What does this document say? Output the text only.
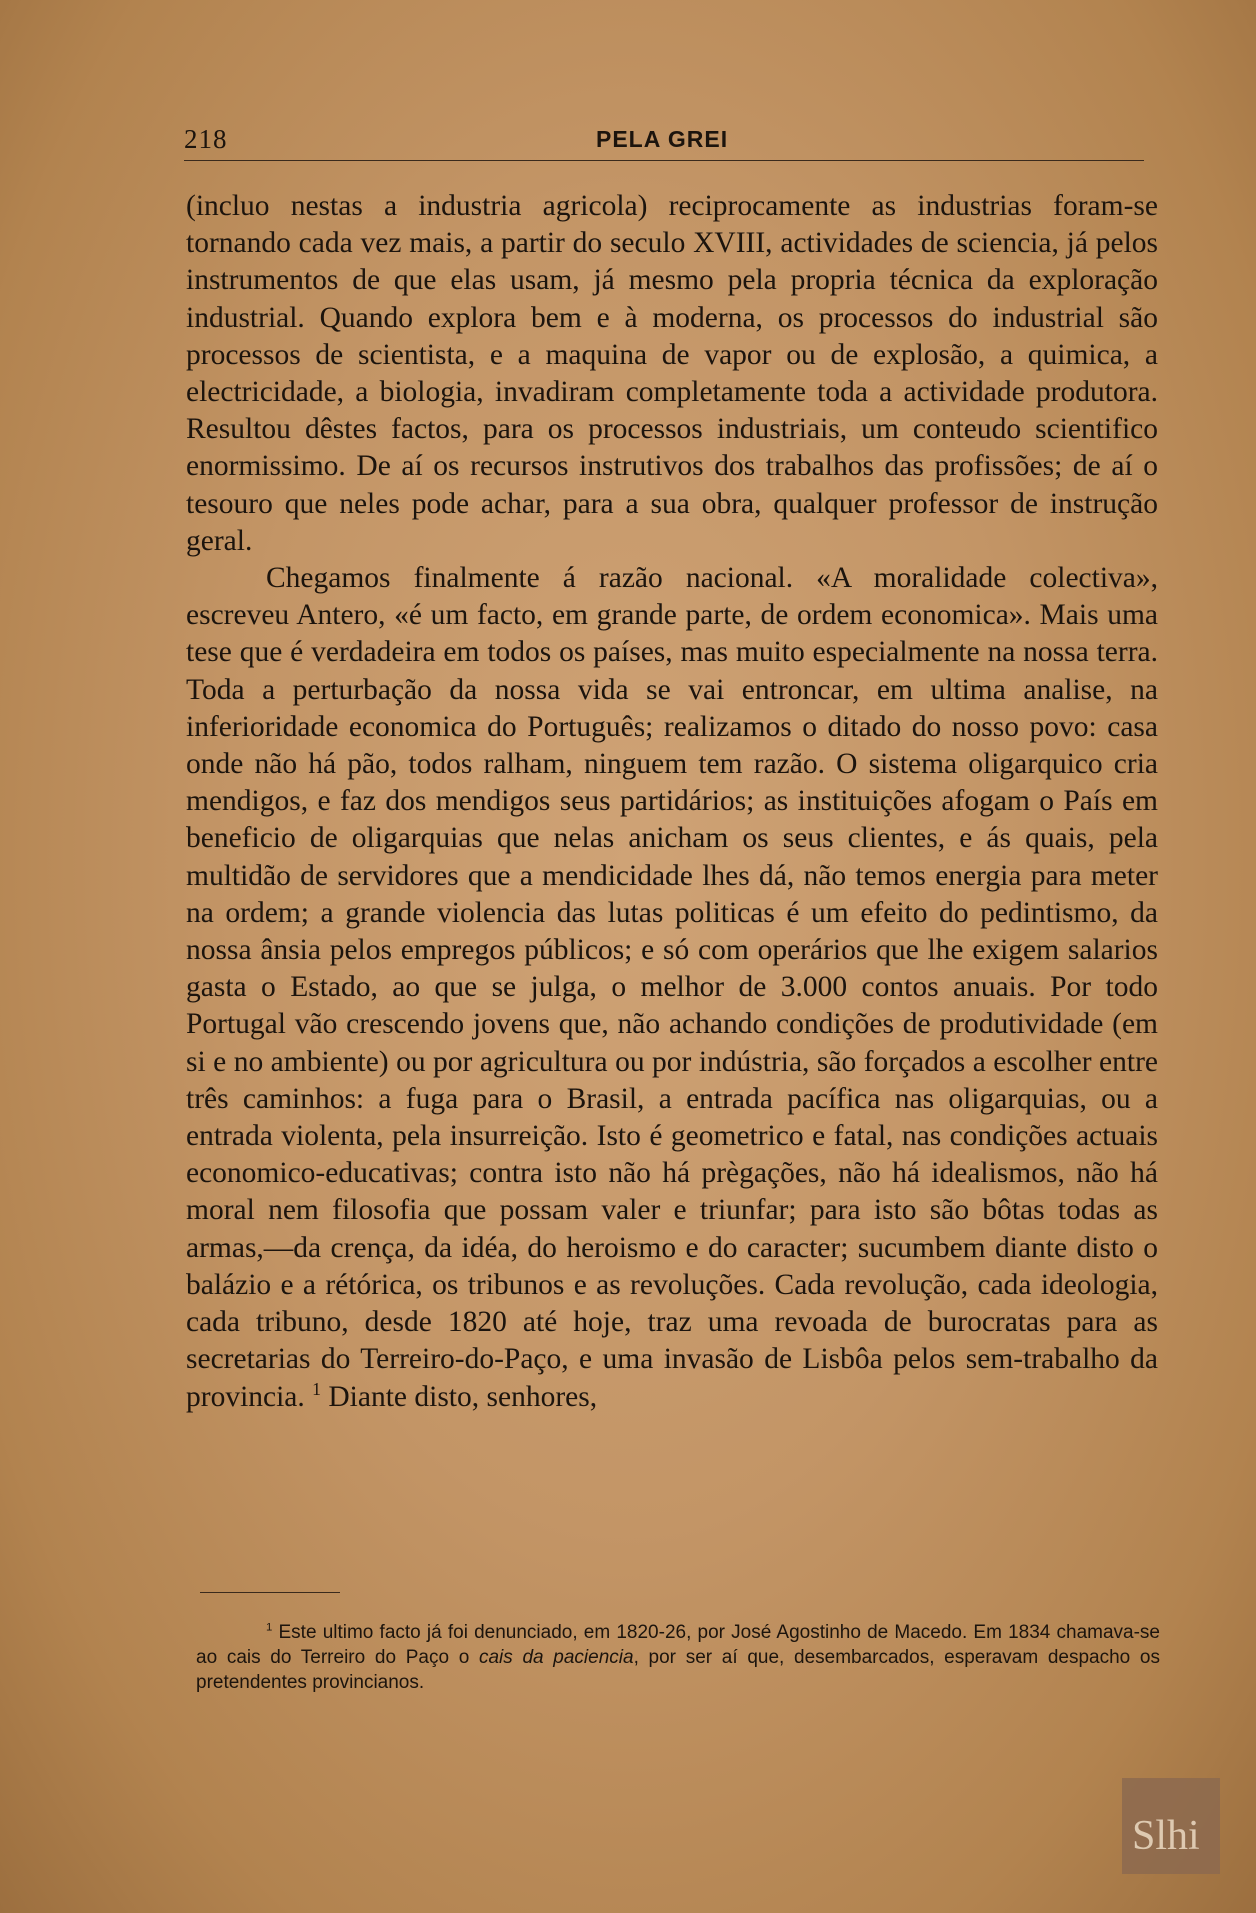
218	PELA GREI

(incluo nestas a industria agricola) reciprocamente as industrias foram-se tornando cada vez mais, a partir do seculo XVIII, actividades de sciencia, já pelos instrumentos de que elas usam, já mesmo pela propria técnica da exploração industrial. Quando explora bem e à moderna, os processos do industrial são processos de scientista, e a maquina de vapor ou de explosão, a quimica, a electricidade, a biologia, invadiram completamente toda a actividade produtora. Resultou dêstes factos, para os processos industriais, um conteudo scientifico enormissimo. De aí os recursos instrutivos dos trabalhos das profissões; de aí o tesouro que neles pode achar, para a sua obra, qualquer professor de instrução geral.

Chegamos finalmente á razão nacional. «A moralidade colectiva», escreveu Antero, «é um facto, em grande parte, de ordem economica». Mais uma tese que é verdadeira em todos os países, mas muito especialmente na nossa terra. Toda a perturbação da nossa vida se vai entroncar, em ultima analise, na inferioridade economica do Português; realizamos o ditado do nosso povo: casa onde não há pão, todos ralham, ninguem tem razão. O sistema oligarquico cria mendigos, e faz dos mendigos seus partidários; as instituições afogam o País em beneficio de oligarquias que nelas anicham os seus clientes, e ás quais, pela multidão de servidores que a mendicidade lhes dá, não temos energia para meter na ordem; a grande violencia das lutas politicas é um efeito do pedintismo, da nossa ânsia pelos empregos públicos; e só com operários que lhe exigem salarios gasta o Estado, ao que se julga, o melhor de 3.000 contos anuais. Por todo Portugal vão crescendo jovens que, não achando condições de produtividade (em si e no ambiente) ou por agricultura ou por indústria, são forçados a escolher entre três caminhos: a fuga para o Brasil, a entrada pacífica nas oligarquias, ou a entrada violenta, pela insurreição. Isto é geometrico e fatal, nas condições actuais economico-educativas; contra isto não há prègações, não há idealismos, não há moral nem filosofia que possam valer e triunfar; para isto são bôtas todas as armas,—da crença, da idéa, do heroismo e do caracter; sucumbem diante disto o balázio e a rétórica, os tribunos e as revoluções. Cada revolução, cada ideologia, cada tribuno, desde 1820 até hoje, traz uma revoada de burocratas para as secretarias do Terreiro-do-Paço, e uma invasão de Lisbôa pelos sem-trabalho da provincia. $^1$ Diante disto, senhores,

$^1$ Este ultimo facto já foi denunciado, em 1820-26, por José Agostinho de Macedo. Em 1834 chamava-se ao cais do Terreiro do Paço o cais da paciencia, por ser aí que, desembarcados, esperavam despacho os pretendentes provincianos.

Slhi
